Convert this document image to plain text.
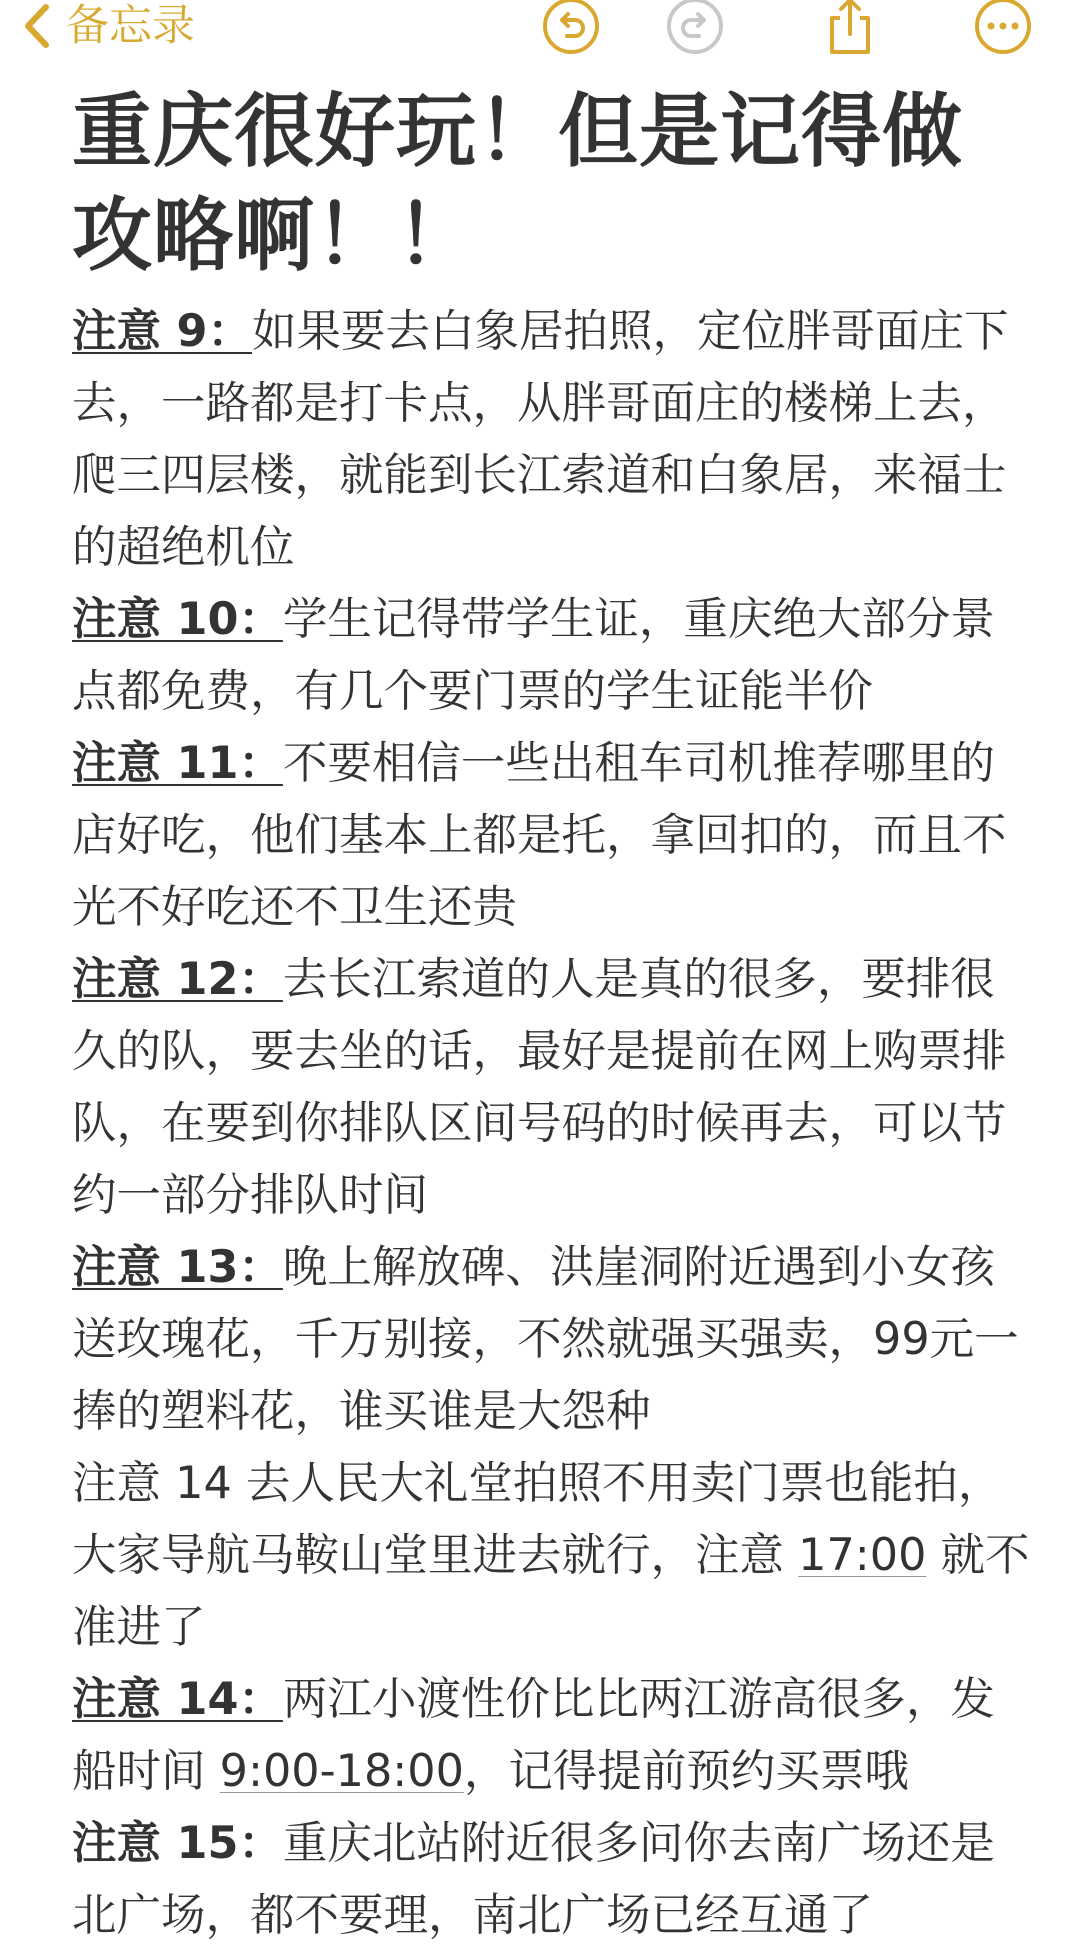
备忘录
重庆很好玩！但是记得做攻略啊！！

注意 9：如果要去白象居拍照，定位胖哥面庄下去，一路都是打卡点，从胖哥面庄的楼梯上去，爬三四层楼，就能到长江索道和白象居，来福士的超绝机位

注意 10：学生记得带学生证，重庆绝大部分景点都免费，有几个要门票的学生证能半价

注意 11：不要相信一些出租车司机推荐哪里的店好吃，他们基本上都是托，拿回扣的，而且不光不好吃还不卫生还贵

注意 12：去长江索道的人是真的很多，要排很久的队，要去坐的话，最好是提前在网上购票排队，在要到你排队区间号码的时候再去，可以节约一部分排队时间

注意 13：晚上解放碑、洪崖洞附近遇到小女孩送玫瑰花，千万别接，不然就强买强卖，99元一捧的塑料花，谁买谁是大怨种

注意 14 去人民大礼堂拍照不用卖门票也能拍，大家导航马鞍山堂里进去就行，注意 17:00 就不准进了

注意 14：两江小渡性价比比两江游高很多，发船时间 9:00-18:00，记得提前预约买票哦

注意 15：重庆北站附近很多问你去南广场还是北广场，都不要理，南北广场已经互通了
